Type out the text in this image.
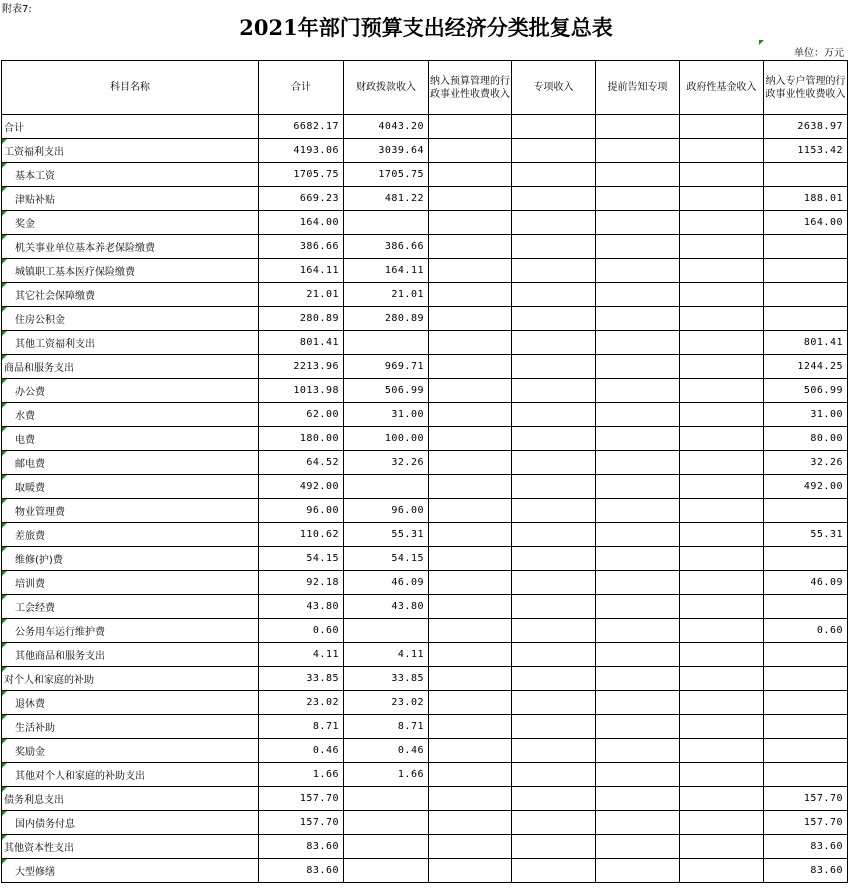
附表7:
2021年部门预算支出经济分类批复总表
单位：万元
科目名称	合计	财政拨款收入	纳入预算管理的行政事业性收费收入	专项收入	提前告知专项	政府性基金收入	纳入专户管理的行政事业性收费收入
合计	6682.17	4043.20					2638.97

工资福利支出	4193.06	3039.64					1153.42

基本工资	1705.75	1705.75					

津贴补贴	669.23	481.22					188.01

奖金	164.00						164.00

机关事业单位基本养老保险缴费	386.66	386.66					

城镇职工基本医疗保险缴费	164.11	164.11					

其它社会保障缴费	21.01	21.01					

住房公积金	280.89	280.89					

其他工资福利支出	801.41						801.41

商品和服务支出	2213.96	969.71					1244.25

办公费	1013.98	506.99					506.99

水费	62.00	31.00					31.00

电费	180.00	100.00					80.00

邮电费	64.52	32.26					32.26

取暖费	492.00						492.00

物业管理费	96.00	96.00					

差旅费	110.62	55.31					55.31

维修(护)费	54.15	54.15					

培训费	92.18	46.09					46.09

工会经费	43.80	43.80					

公务用车运行维护费	0.60						0.60

其他商品和服务支出	4.11	4.11					

对个人和家庭的补助	33.85	33.85					

退休费	23.02	23.02					

生活补助	8.71	8.71					

奖励金	0.46	0.46					

其他对个人和家庭的补助支出	1.66	1.66					

债务利息支出	157.70						157.70

国内债务付息	157.70						157.70

其他资本性支出	83.60						83.60

大型修缮	83.60						83.60
